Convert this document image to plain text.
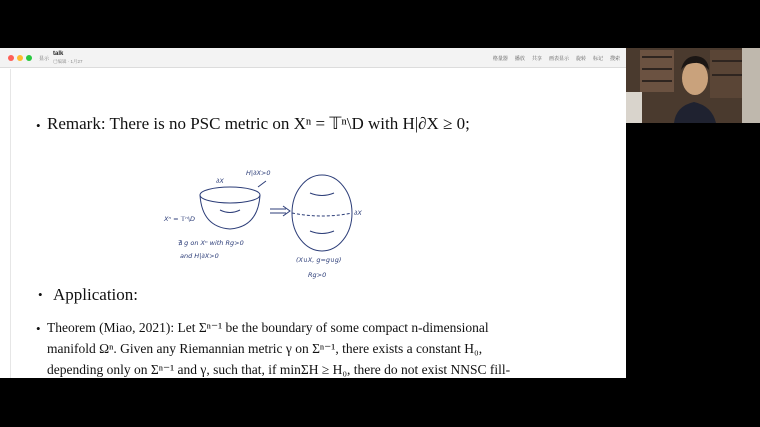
显示
talk
已编辑 · 1月27	格量器 播放 共享 画表显示 旋转 标记 搜索
• Remark: There is no PSC metric on Xⁿ = 𝕋ⁿ\D with H|∂X ≥ 0;
H|∂X>0
∂X
Xⁿ = 𝕋ⁿ\D
∄ g on Xⁿ with Rg>0
and H|∂X>0
∂X
(X∪X, g=g∪g)
Rg>0
• Application:
• Theorem (Miao, 2021): Let Σⁿ⁻¹ be the boundary of some compact n-dimensional
manifold Ωⁿ. Given any Riemannian metric γ on Σⁿ⁻¹, there exists a constant H₀,
depending only on Σⁿ⁻¹ and γ, such that, if minΣH ≥ H₀, there do not exist NNSC fill-
